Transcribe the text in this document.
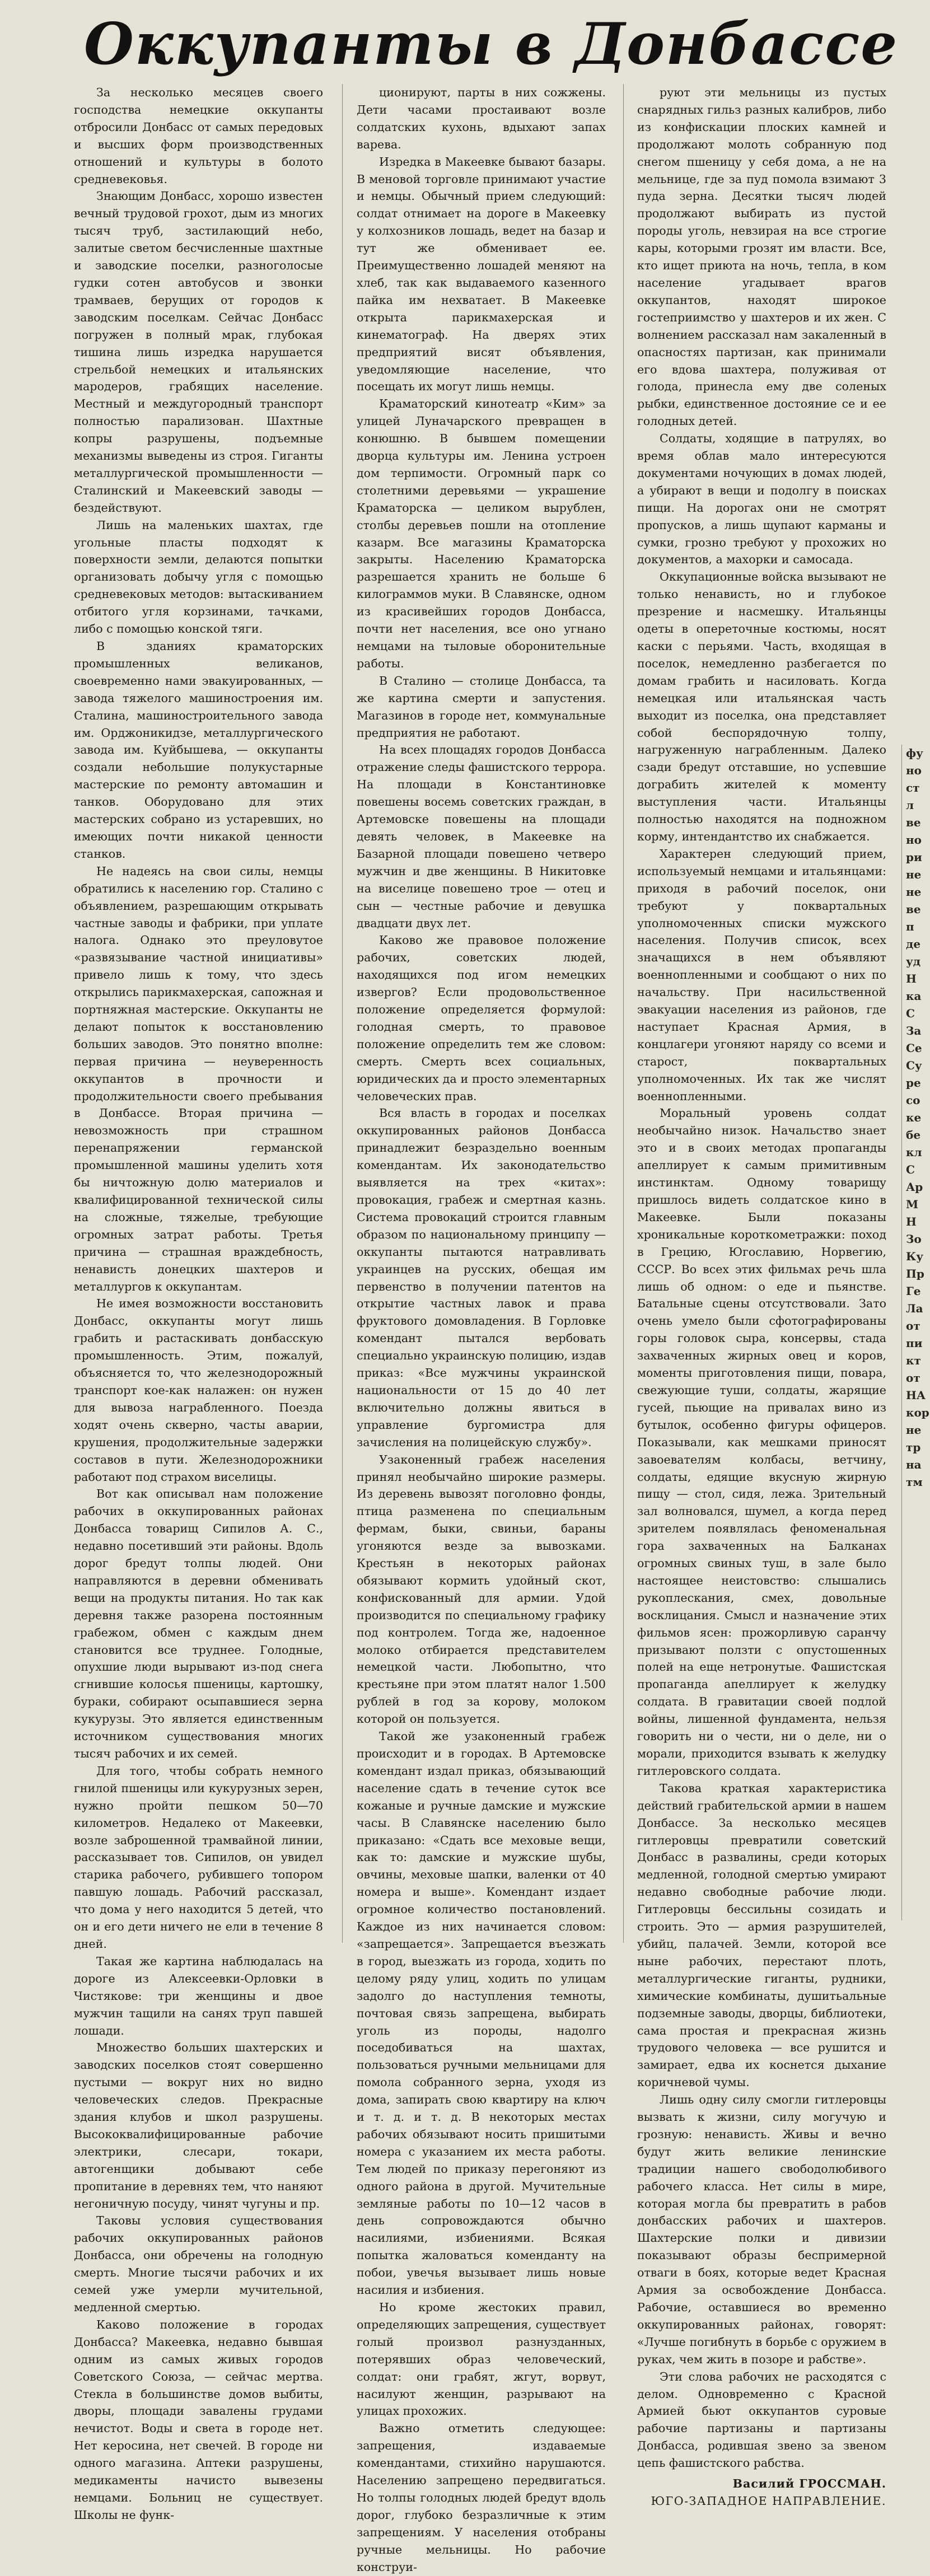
Оккупанты в Донбассе

За несколько месяцев своего господства немецкие оккупанты отбросили Донбасс от самых передовых и высших форм производственных отношений и культуры в болото средневековья.

Знающим Донбасс, хорошо известен вечный трудовой грохот, дым из многих тысяч труб, застилающий небо, залитые светом бесчисленные шахтные и заводские поселки, разноголосые гудки сотен автобусов и звонки трамваев, берущих от городов к заводским поселкам. Сейчас Донбасс погружен в полный мрак, глубокая тишина лишь изредка нарушается стрельбой немецких и итальянских мародеров, грабящих население. Местный и междугородный транспорт полностью парализован. Шахтные копры разрушены, подъемные механизмы выведены из строя. Гиганты металлургической промышленности — Сталинский и Макеевский заводы — бездействуют.

Лишь на маленьких шахтах, где угольные пласты подходят к поверхности земли, делаются попытки организовать добычу угля с помощью средневековых методов: вытаскиванием отбитого угля корзинами, тачками, либо с помощью конской тяги.

В зданиях краматорских промышленных великанов, своевременно нами эвакуированных, — завода тяжелого машиностроения им. Сталина, машиностроительного завода им. Орджоникидзе, металлургического завода им. Куйбышева, — оккупанты создали небольшие полукустарные мастерские по ремонту автомашин и танков. Оборудовано для этих мастерских собрано из устаревших, но имеющих почти никакой ценности станков.

Не надеясь на свои силы, немцы обратились к населению гор. Сталино с объявлением, разрешающим открывать частные заводы и фабрики, при уплате налога. Однако это преуловутое «развязывание частной инициативы» привело лишь к тому, что здесь открылись парикмахерская, сапожная и портняжная мастерские. Оккупанты не делают попыток к восстановлению больших заводов. Это понятно вполне: первая причина — неуверенность оккупантов в прочности и продолжительности своего пребывания в Донбассе. Вторая причина — невозможность при страшном перенапряжении германской промышленной машины уделить хотя бы ничтожную долю материалов и квалифицированной технической силы на сложные, тяжелые, требующие огромных затрат работы. Третья причина — страшная враждебность, ненависть донецких шахтеров и металлургов к оккупантам.

Не имея возможности восстановить Донбасс, оккупанты могут лишь грабить и растаскивать донбасскую промышленность. Этим, пожалуй, объясняется то, что железнодорожный транспорт кое-как налажен: он нужен для вывоза награбленного. Поезда ходят очень скверно, часты аварии, крушения, продолжительные задержки составов в пути. Железнодорожники работают под страхом виселицы.

Вот как описывал нам положение рабочих в оккупированных районах Донбасса товарищ Сипилов А. С., недавно посетивший эти районы. Вдоль дорог бредут толпы людей. Они направляются в деревни обменивать вещи на продукты питания. Но так как деревня также разорена постоянным грабежом, обмен с каждым днем становится все труднее. Голодные, опухшие люди вырывают из-под снега сгнившие колосья пшеницы, картошку, бураки, собирают осыпавшиеся зерна кукурузы. Это является единственным источником существования многих тысяч рабочих и их семей.

Для того, чтобы собрать немного гнилой пшеницы или кукурузных зерен, нужно пройти пешком 50—70 километров. Недалеко от Макеевки, возле заброшенной трамвайной линии, рассказывает тов. Сипилов, он увидел старика рабочего, рубившего топором павшую лошадь. Рабочий рассказал, что дома у него находится 5 детей, что он и его дети ничего не ели в течение 8 дней.

Такая же картина наблюдалась на дороге из Алексеевки-Орловки в Чистякове: три женщины и двое мужчин тащили на санях труп павшей лошади.

Множество больших шахтерских и заводских поселков стоят совершенно пустыми — вокруг них но видно человеческих следов. Прекрасные здания клубов и школ разрушены. Высококвалифицированные рабочие электрики, слесари, токари, автогенщики добывают себе пропитание в деревнях тем, что наняют негоничную посуду, чинят чугуны и пр.

Таковы условия существования рабочих оккупированных районов Донбасса, они обречены на голодную смерть. Многие тысячи рабочих и их семей уже умерли мучительной, медленной смертью.

Каково положение в городах Донбасса? Макеевка, недавно бывшая одним из самых живых городов Советского Союза, — сейчас мертва. Стекла в большинстве домов выбиты, дворы, площади завалены грудами нечистот. Воды и света в городе нет. Нет керосина, нет свечей. В городе ни одного магазина. Аптеки разрушены, медикаменты начисто вывезены немцами. Больниц не существует. Школы не функ-

ционируют, парты в них сожжены. Дети часами простаивают возле солдатских кухонь, вдыхают запах варева.

Изредка в Макеевке бывают базары. В меновой торговле принимают участие и немцы. Обычный прием следующий: солдат отнимает на дороге в Макеевку у колхозников лошадь, ведет на базар и тут же обменивает ее. Преимущественно лошадей меняют на хлеб, так как выдаваемого казенного пайка им нехватает. В Макеевке открыта парикмахерская и кинематограф. На дверях этих предприятий висят объявления, уведомляющие население, что посещать их могут лишь немцы.

Краматорский кинотеатр «Ким» за улицей Луначарского превращен в конюшню. В бывшем помещении дворца культуры им. Ленина устроен дом терпимости. Огромный парк со столетними деревьями — украшение Краматорска — целиком вырублен, столбы деревьев пошли на отопление казарм. Все магазины Краматорска закрыты. Населению Краматорска разрешается хранить не больше 6 килограммов муки. В Славянске, одном из красивейших городов Донбасса, почти нет населения, все оно угнано немцами на тыловые оборонительные работы.

В Сталино — столице Донбасса, та же картина смерти и запустения. Магазинов в городе нет, коммунальные предприятия не работают.

На всех площадях городов Донбасса отражение следы фашистского террора. На площади в Константиновке повешены восемь советских граждан, в Артемовске повешены на площади девять человек, в Макеевке на Базарной площади повешено четверо мужчин и две женщины. В Никитовке на виселице повешено трое — отец и сын — честные рабочие и девушка двадцати двух лет.

Каково же правовое положение рабочих, советских людей, находящихся под игом немецких извергов? Если продовольственное положение определяется формулой: голодная смерть, то правовое положение определить тем же словом: смерть. Смерть всех социальных, юридических да и просто элементарных человеческих прав.

Вся власть в городах и поселках оккупированных районов Донбасса принадлежит безраздельно военным комендантам. Их законодательство выявляется на трех «китах»: провокация, грабеж и смертная казнь. Система провокаций строится главным образом по национальному принципу — оккупанты пытаются натравливать украинцев на русских, обещая им первенство в получении патентов на открытие частных лавок и права фруктового домовладения. В Горловке комендант пытался вербовать специально украинскую полицию, издав приказ: «Все мужчины украинской национальности от 15 до 40 лет включительно должны явиться в управление бургомистра для зачисления на полицейскую службу».

Узаконенный грабеж населения принял необычайно широкие размеры. Из деревень вывозят поголовно фонды, птица разменена по специальным фермам, быки, свиньи, бараны угоняются везде за вывозками. Крестьян в некоторых районах обязывают кормить удойный скот, конфискованный для армии. Удой производится по специальному графику под контролем. Тогда же, надоенное молоко отбирается представителем немецкой части. Любопытно, что крестьяне при этом платят налог 1.500 рублей в год за корову, молоком которой он пользуется.

Такой же узаконенный грабеж происходит и в городах. В Артемовске комендант издал приказ, обязывающий население сдать в течение суток все кожаные и ручные дамские и мужские часы. В Славянске населению было приказано: «Сдать все меховые вещи, как то: дамские и мужские шубы, овчины, меховые шапки, валенки от 40 номера и выше». Комендант издает огромное количество постановлений. Каждое из них начинается словом: «запрещается». Запрещается въезжать в город, выезжать из города, ходить по целому ряду улиц, ходить по улицам задолго до наступления темноты, почтовая связь запрещена, выбирать уголь из породы, надолго поседобиваться на шахтах, пользоваться ручными мельницами для помола собранного зерна, уходя из дома, запирать свою квартиру на ключ и т. д. и т. д. В некоторых местах рабочих обязывают носить пришитыми номера с указанием их места работы. Тем людей по приказу перегоняют из одного района в другой. Мучительные земляные работы по 10—12 часов в день сопровождаются обычно насилиями, избиениями. Всякая попытка жаловаться коменданту на побои, увечья вызывает лишь новые насилия и избиения.

Но кроме жестоких правил, определяющих запрещения, существует голый произвол разнузданных, потерявших образ человеческий, солдат: они грабят, жгут, ворвут, насилуют женщин, разрывают на улицах прохожих.

Важно отметить следующее: запрещения, издаваемые комендантами, стихийно нарушаются. Населению запрещено передвигаться. Но толпы голодных людей бредут вдоль дорог, глубоко безразличные к этим запрещениям. У населения отобраны ручные мельницы. Но рабочие конструи-

руют эти мельницы из пустых снарядных гильз разных калибров, либо из конфискации плоских камней и продолжают молоть собранную под снегом пшеницу у себя дома, а не на мельнице, где за пуд помола взимают 3 пуда зерна. Десятки тысяч людей продолжают выбирать из пустой породы уголь, невзирая на все строгие кары, которыми грозят им власти. Все, кто ищет приюта на ночь, тепла, в ком население угадывает врагов оккупантов, находят широкое гостеприимство у шахтеров и их жен. С волнением рассказал нам закаленный в опасностях партизан, как принимали его вдова шахтера, полуживая от голода, принесла ему две соленых рыбки, единственное достояние се и ее голодных детей.

Солдаты, ходящие в патрулях, во время облав мало интересуются документами ночующих в домах людей, а убирают в вещи и подолгу в поисках пищи. На дорогах они не смотрят пропусков, а лишь щупают карманы и сумки, грозно требуют у прохожих но документов, а махорки и самосада.

Оккупационные войска вызывают не только ненависть, но и глубокое презрение и насмешку. Итальянцы одеты в опереточные костюмы, носят каски с перьями. Часть, входящая в поселок, немедленно разбегается по домам грабить и насиловать. Когда немецкая или итальянская часть выходит из поселка, она представляет собой беспорядочную толпу, нагруженную награбленным. Далеко сзади бредут отставшие, но успевшие дограбить жителей к моменту выступления части. Итальянцы полностью находятся на подножном корму, интендантство их снабжается.

Характерен следующий прием, используемый немцами и итальянцами: приходя в рабочий поселок, они требуют у поквартальных уполномоченных списки мужского населения. Получив список, всех значащихся в нем объявляют военнопленными и сообщают о них по начальству. При насильственной эвакуации населения из районов, где наступает Красная Армия, в концлагери угоняют наряду со всеми и старост, поквартальных уполномоченных. Их так же числят военнопленными.

Моральный уровень солдат необычайно низок. Начальство знает это и в своих методах пропаганды апеллирует к самым примитивным инстинктам. Одному товарищу пришлось видеть солдатское кино в Макеевке. Были показаны хроникальные короткометражки: поход в Грецию, Югославию, Норвегию, СССР. Во всех этих фильмах речь шла лишь об одном: о еде и пьянстве. Батальные сцены отсутствовали. Зато очень умело были сфотографированы горы головок сыра, консервы, стада захваченных жирных овец и коров, моменты приготовления пищи, повара, свежующие туши, солдаты, жарящие гусей, пьющие на привалах вино из бутылок, особенно фигуры офицеров. Показывали, как мешками приносят завоевателям колбасы, ветчину, солдаты, едящие вкусную жирную пищу — стол, сидя, лежа. Зрительный зал волновался, шумел, а когда перед зрителем появлялась феноменальная гора захваченных на Балканах огромных свиных туш, в зале было настоящее неистовство: слышались рукоплескания, смех, довольные восклицания. Смысл и назначение этих фильмов ясен: прожорливую саранчу призывают ползти с опустошенных полей на еще нетронутые. Фашистская пропаганда апеллирует к желудку солдата. В гравитации своей подлой войны, лишенной фундамента, нельзя говорить ни о чести, ни о деле, ни о морали, приходится взывать к желудку гитлеровского солдата.

Такова краткая характеристика действий грабительской армии в нашем Донбассе. За несколько месяцев гитлеровцы превратили советский Донбасс в развалины, среди которых медленной, голодной смертью умирают недавно свободные рабочие люди. Гитлеровцы бессильны созидать и строить. Это — армия разрушителей, убийц, палачей. Земли, которой все ныне рабочих, перестают плоть, металлургические гиганты, рудники, химические комбинаты, душитьальные подземные заводы, дворцы, библиотеки, сама простая и прекрасная жизнь трудового человека — все рушится и замирает, едва их коснется дыхание коричневой чумы.

Лишь одну силу смогли гитлеровцы вызвать к жизни, силу могучую и грозную: ненависть. Живы и вечно будут жить великие ленинские традиции нашего свободолюбивого рабочего класса. Нет силы в мире, которая могла бы превратить в рабов донбасских рабочих и шахтеров. Шахтерские полки и дивизии показывают образы беспримерной отваги в боях, которые ведет Красная Армия за освобождение Донбасса. Рабочие, оставшиеся во временно оккупированных районах, говорят: «Лучше погибнуть в борьбе с оружием в руках, чем жить в позоре и рабстве».

Эти слова рабочих не расходятся с делом. Одновременно с Красной Армией бьют оккупантов суровые рабочие партизаны и партизаны Донбасса, родившая звено за звеном цепь фашистского рабства.

Василий ГРОССМАН.

ЮГО-ЗАПАДНОЕ НАПРАВЛЕНИЕ.

фу
но
ст
л
ве
но
ри
не
не
ве
п
де
уд
Н
ка
С
За
Се
Су
ре
со
ке
бе
кл
С
Ар
М
Н
Зо
Ку
Пр
Ге
Ла
от
пи
кт
от
НА
кор
не
тр
на
тм
